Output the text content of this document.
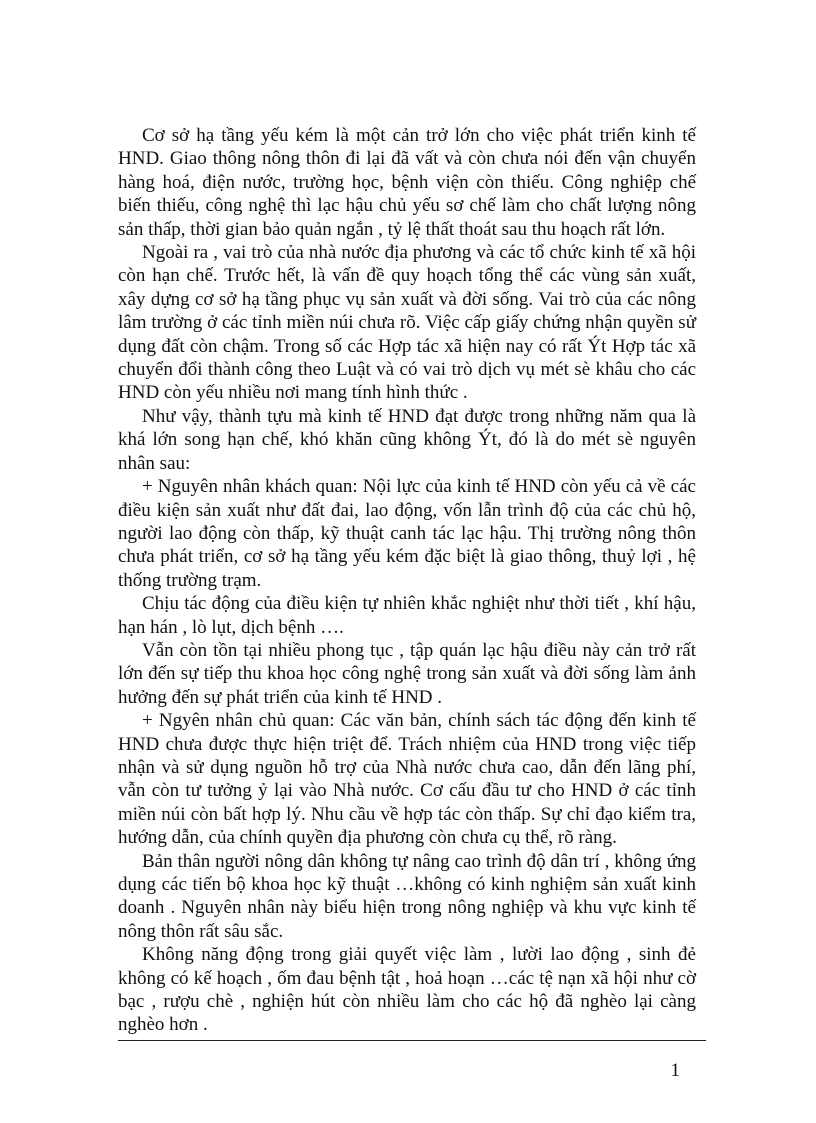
Cơ sở hạ tầng yếu kém là một cản trở lớn cho việc phát triển kinh tế HND. Giao thông nông thôn đi lại đã vất và còn chưa nói đến vận chuyển hàng hoá, điện nước, trường học, bệnh viện còn thiếu. Công nghiệp chế biến thiếu, công nghệ thì lạc hậu chủ yếu sơ chế làm cho chất lượng nông sản thấp, thời gian bảo quản ngắn , tỷ lệ thất thoát sau thu hoạch rất lớn.

Ngoài ra , vai trò của nhà nước địa phương và các tổ chức kinh tế xã hội còn hạn chế. Trước hết, là vấn đề quy hoạch tổng thể các vùng sản xuất, xây dựng cơ sở hạ tầng phục vụ sản xuất và đời sống. Vai trò của các nông lâm trường ở các tỉnh miền núi chưa rõ. Việc cấp giấy chứng nhận quyền sử dụng đất còn chậm. Trong số các Hợp tác xã hiện nay có rất Ýt Hợp tác xã chuyển đổi thành công theo Luật và có vai trò dịch vụ mét sè khâu cho các HND còn yếu nhiều nơi mang tính hình thức .

Như vậy, thành tựu mà kinh tế HND đạt được trong những năm qua là khá lớn song hạn chế, khó khăn cũng không Ýt, đó là do mét sè nguyên nhân sau:

+ Nguyên nhân khách quan: Nội lực của kinh tế HND còn yếu cả về các điều kiện sản xuất như đất đai, lao động, vốn lẫn trình độ của các chủ hộ, người lao động còn thấp, kỹ thuật canh tác lạc hậu. Thị trường nông thôn chưa phát triển, cơ sở hạ tầng yếu kém đặc biệt là giao thông, thuỷ lợi , hệ thống trường trạm.

Chịu tác động của điều kiện tự nhiên khắc nghiệt như thời tiết , khí hậu, hạn hán , lò lụt, dịch bệnh ….

Vẫn còn tồn tại nhiều phong tục , tập quán lạc hậu điều này cản trở rất lớn đến sự tiếp thu khoa học công nghệ trong sản xuất và đời sống làm ảnh hưởng đến sự phát triển của kinh tế HND .

+ Ngyên nhân chủ quan: Các văn bản, chính sách tác động đến kinh tế HND chưa được thực hiện triệt để. Trách nhiệm của HND trong việc tiếp nhận và sử dụng nguồn hỗ trợ của Nhà nước chưa cao, dẫn đến lãng phí, vẫn còn tư tưởng ỷ lại vào Nhà nước. Cơ cấu đầu tư cho HND ở các tỉnh miền núi còn bất hợp lý. Nhu cầu về hợp tác còn thấp. Sự chỉ đạo kiểm tra, hướng dẫn, của chính quyền địa phương còn chưa cụ thể, rõ ràng.

Bản thân người nông dân không tự nâng cao trình độ dân trí , không ứng dụng các tiến bộ khoa học kỹ thuật …không có kinh nghiệm sản xuất kinh doanh . Nguyên nhân này biểu hiện trong nông nghiệp và khu vực kinh tế nông thôn rất sâu sắc.

Không năng động trong giải quyết việc làm , lười lao động , sinh đẻ không có kế hoạch , ốm đau bệnh tật , hoả hoạn …các tệ nạn xã hội như cờ bạc , rượu chè , nghiện hút còn nhiều làm cho các hộ đã nghèo lại càng nghèo hơn .

1
